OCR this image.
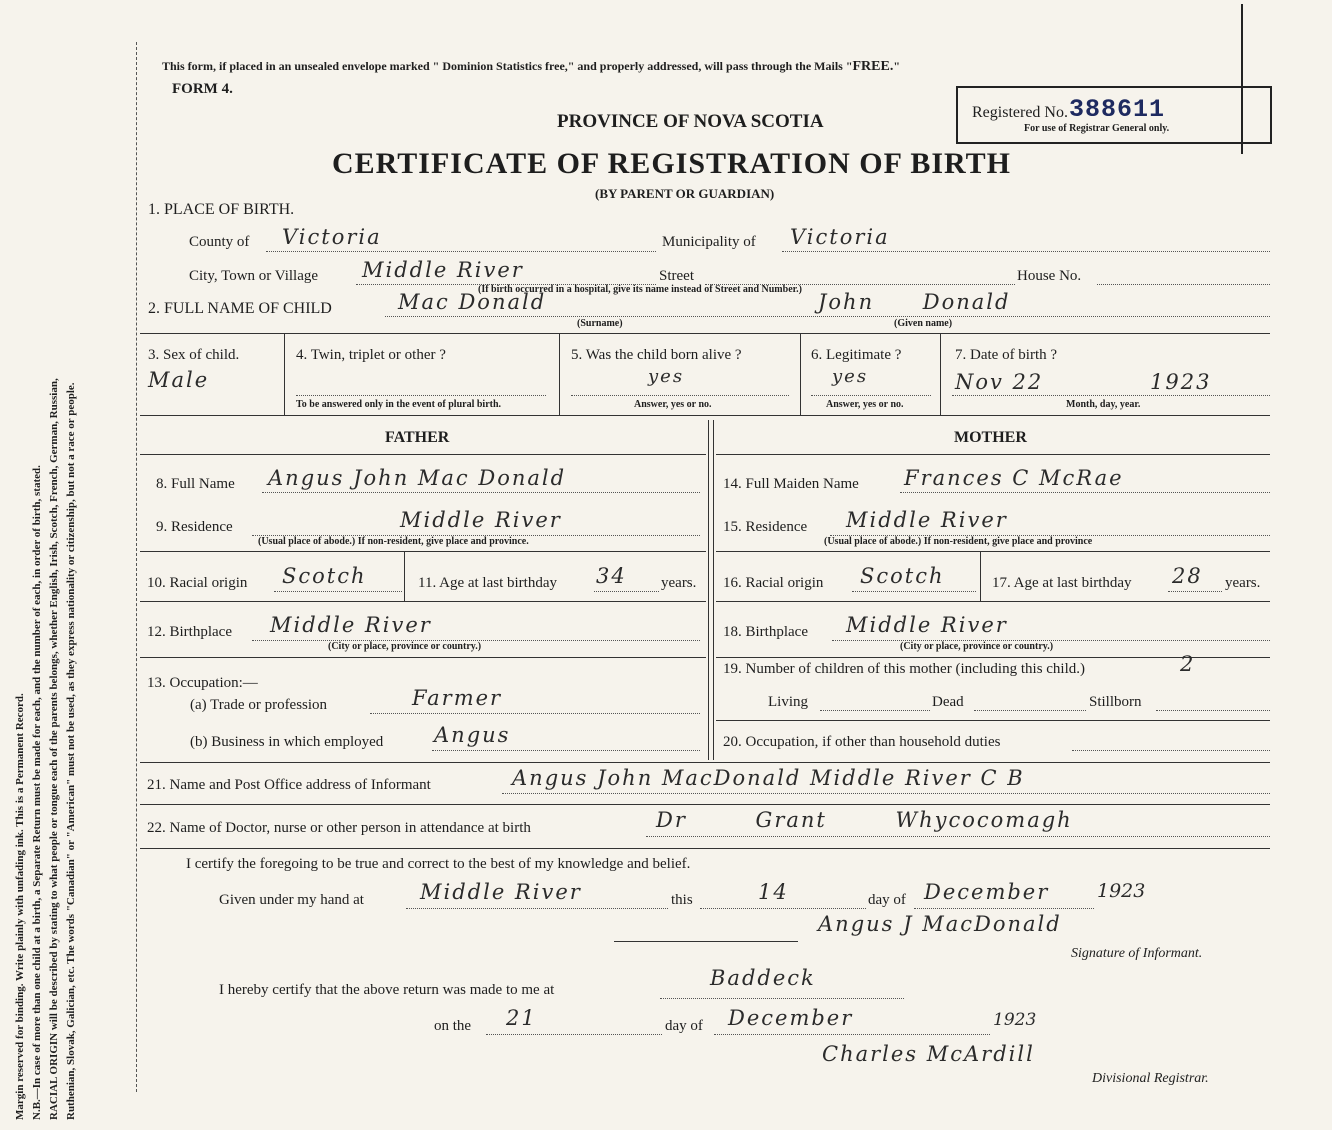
Margin reserved for binding. Write plainly with unfading ink. This is a Permanent Record. N.B.—In case of more than one child at a birth, a Separate Return must be made for each, and the number of each, in order of birth, stated. RACIAL ORIGIN will be described by stating to what people or tongue each of the parents belongs, whether English, Irish, Scotch, French, German, Russian, Ruthenian, Slovak, Galician, etc. The words "Canadian" or "American" must not be used, as they express nationality or citizenship, but not a race or people.
This form, if placed in an unsealed envelope marked " Dominion Statistics free," and properly addressed, will pass through the Mails "FREE."
FORM 4.
PROVINCE OF NOVA SCOTIA
CERTIFICATE OF REGISTRATION OF BIRTH
(BY PARENT OR GUARDIAN)
Registered No. 388611
For use of Registrar General only.
1. PLACE OF BIRTH.
County of Victoria	Municipality of Victoria
City, Town or Village Middle River	Street	House No.
(If birth occurred in a hospital, give its name instead of Street and Number.)
2. FULL NAME OF CHILD	Mac Donald	John Donald
(Surname)	(Given name)
3. Sex of child.
Male
4. Twin, triplet or other ?
To be answered only in the event of plural birth.
5. Was the child born alive ?
yes
Answer, yes or no.
6. Legitimate ?
yes
Answer, yes or no.
7. Date of birth ?
Nov 22	1923
Month, day, year.
FATHER	MOTHER
8. Full Name Angus John Mac Donald
9. Residence	Middle River
(Usual place of abode.) If non-resident, give place and province.
10. Racial origin Scotch	11. Age at last birthday 34 years.
12. Birthplace Middle River
(City or place, province or country.)
13. Occupation:—
(a) Trade or profession	Farmer
(b) Business in which employed Angus
14. Full Maiden Name Frances C McRae
15. Residence Middle River
(Usual place of abode.) If non-resident, give place and province
16. Racial origin Scotch	17. Age at last birthday 28 years.
18. Birthplace Middle River
(City or place, province or country.)
19. Number of children of this mother (including this child.)	2
Living	Dead	Stillborn
20. Occupation, if other than household duties
21. Name and Post Office address of Informant	Angus John MacDonald Middle River C B
22. Name of Doctor, nurse or other person in attendance at birth	Dr Grant Whycocomagh
I certify the foregoing to be true and correct to the best of my knowledge and belief.
Given under my hand at	Middle River	this	14	day of December	1923
Angus J MacDonald
Signature of Informant.
I hereby certify that the above return was made to me at	Baddeck
on the 21	day of December	1923
Charles McArdill
Divisional Registrar.
